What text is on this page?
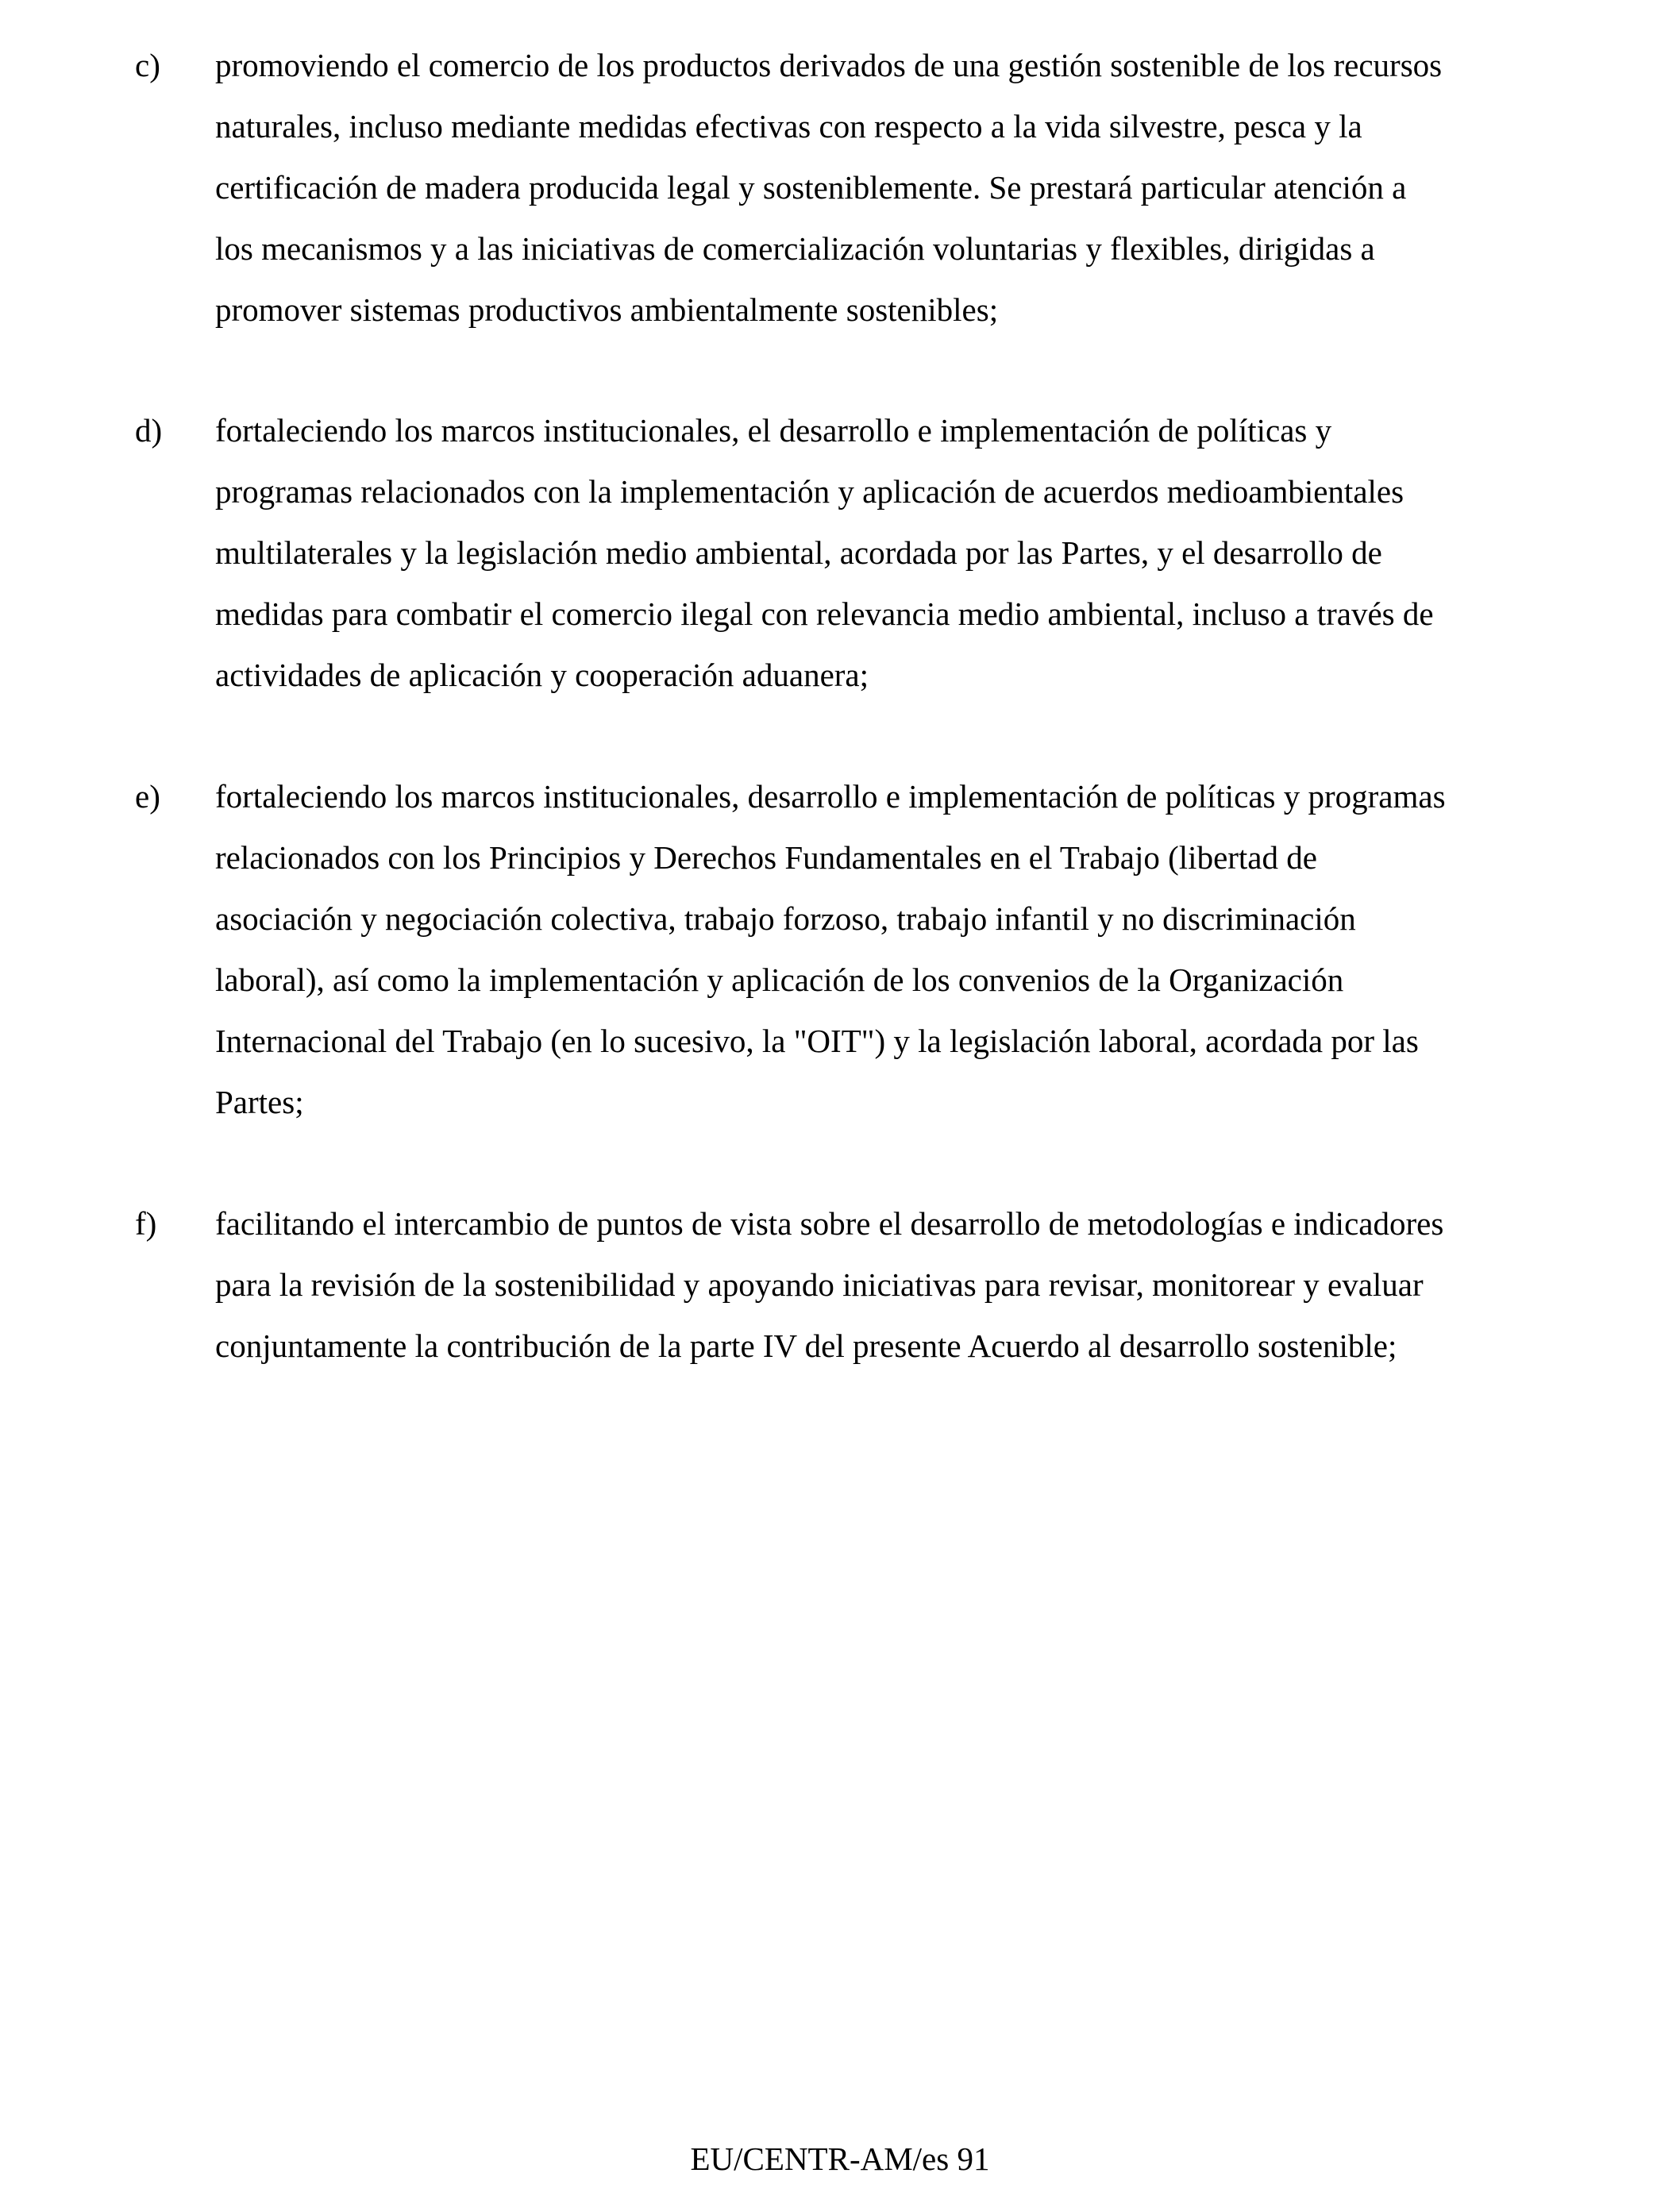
c) promoviendo el comercio de los productos derivados de una gestión sostenible de los recursos
naturales, incluso mediante medidas efectivas con respecto a la vida silvestre, pesca y la
certificación de madera producida legal y sosteniblemente. Se prestará particular atención a
los mecanismos y a las iniciativas de comercialización voluntarias y flexibles, dirigidas a
promover sistemas productivos ambientalmente sostenibles;
d) fortaleciendo los marcos institucionales, el desarrollo e implementación de políticas y
programas relacionados con la implementación y aplicación de acuerdos medioambientales
multilaterales y la legislación medio ambiental, acordada por las Partes, y el desarrollo de
medidas para combatir el comercio ilegal con relevancia medio ambiental, incluso a través de
actividades de aplicación y cooperación aduanera;
e) fortaleciendo los marcos institucionales, desarrollo e implementación de políticas y programas
relacionados con los Principios y Derechos Fundamentales en el Trabajo (libertad de
asociación y negociación colectiva, trabajo forzoso, trabajo infantil y no discriminación
laboral), así como la implementación y aplicación de los convenios de la Organización
Internacional del Trabajo (en lo sucesivo, la "OIT") y la legislación laboral, acordada por las
Partes;
f) facilitando el intercambio de puntos de vista sobre el desarrollo de metodologías e indicadores
para la revisión de la sostenibilidad y apoyando iniciativas para revisar, monitorear y evaluar
conjuntamente la contribución de la parte IV del presente Acuerdo al desarrollo sostenible;
EU/CENTR-AM/es 91
